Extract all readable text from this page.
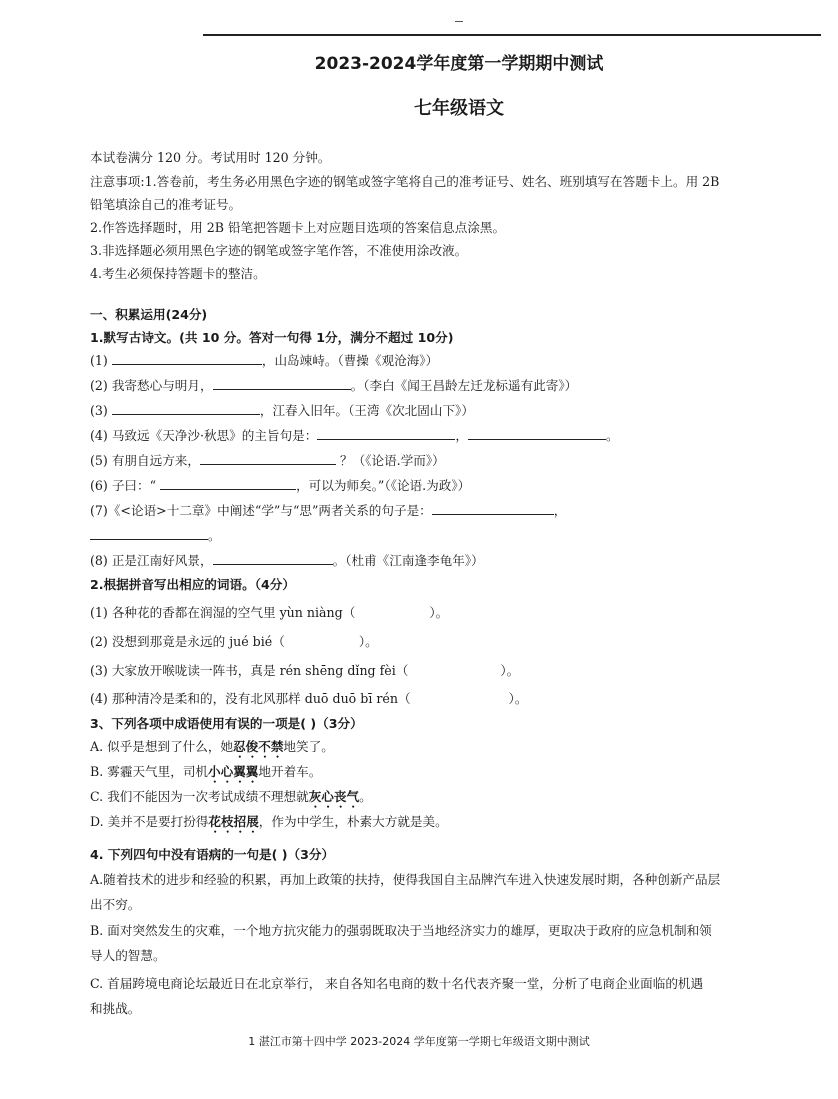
2023-2024学年度第一学期期中测试
七年级语文
本试卷满分 120 分。考试用时 120 分钟。
注意事项:1.答卷前，考生务必用黑色字迹的钢笔或签字笔将自己的准考证号、姓名、班别填写在答题卡上。用 2B
铅笔填涂自己的准考证号。
2.作答选择题时，用 2B 铅笔把答题卡上对应题目选项的答案信息点涂黑。
3.非选择题必须用黑色字迹的钢笔或签字笔作答，不准使用涂改液。
4.考生必须保持答题卡的整洁。
一、积累运用(24分)
1.默写古诗文。(共 10 分。答对一句得 1分，满分不超过 10分)
(1)	，山岛竦峙。（曹操《观沧海》）
(2) 我寄愁心与明月，	。（李白《闻王昌龄左迁龙标遥有此寄》）
(3)	，江春入旧年。（王湾《次北固山下》）
(4) 马致远《天净沙·秋思》的主旨句是：	，	。
(5) 有朋自远方来，	？（《论语.学而》）
(6) 子曰：“	，可以为师矣。”（《论语.为政》）
(7)《<论语>十二章》中阐述“学”与“思”两者关系的句子是：	，
。
(8) 正是江南好风景，	。（杜甫《江南逢李龟年》）
2.根据拼音写出相应的词语。（4分）
(1) 各种花的香都在润湿的空气里 yùn niàng（	）。
(2) 没想到那竟是永远的 jué bié（	）。
(3) 大家放开喉咙读一阵书，真是 rén shēng dǐng fèi（	）。
(4) 那种清冷是柔和的，没有北风那样 duō duō bī rén（	）。
3、下列各项中成语使用有误的一项是( )（3分）
A. 似乎是想到了什么，她忍俊不禁地笑了。
B. 雾霾天气里，司机小心翼翼地开着车。
C. 我们不能因为一次考试成绩不理想就灰心丧气。
D. 美并不是要打扮得花枝招展，作为中学生，朴素大方就是美。
4. 下列四句中没有语病的一句是( )（3分）
A.随着技术的进步和经验的积累，再加上政策的扶持，使得我国自主品牌汽车进入快速发展时期，各种创新产品层
出不穷。
B. 面对突然发生的灾难，一个地方抗灾能力的强弱既取决于当地经济实力的雄厚，更取决于政府的应急机制和领
导人的智慧。
C. 首届跨境电商论坛最近日在北京举行， 来自各知名电商的数十名代表齐聚一堂，分析了电商企业面临的机遇
和挑战。
1 湛江市第十四中学 2023-2024 学年度第一学期七年级语文期中测试
